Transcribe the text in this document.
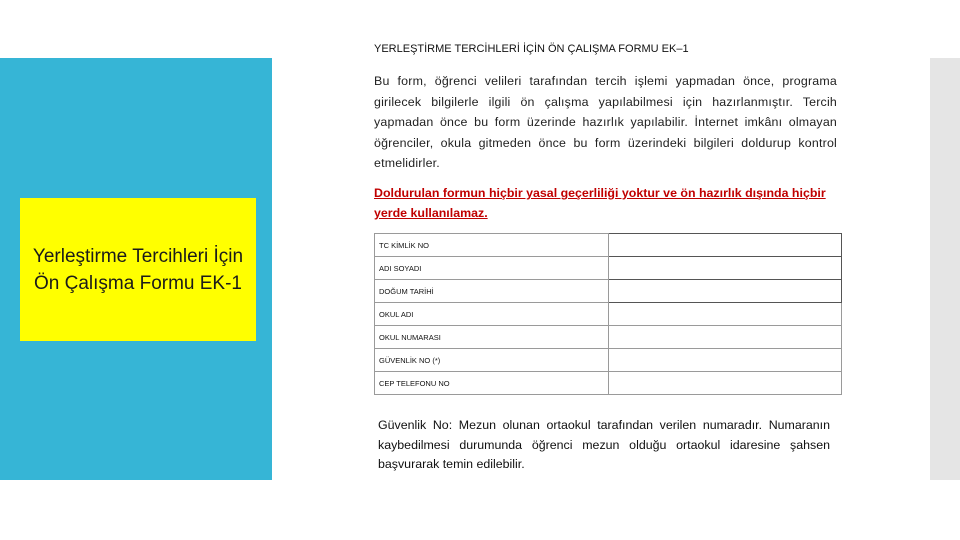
Yerleştirme Tercihleri İçin Ön Çalışma Formu EK-1
YERLEŞTİRME TERCİHLERİ İÇİN ÖN ÇALIŞMA FORMU EK–1
Bu form, öğrenci velileri tarafından tercih işlemi yapmadan önce, programa girilecek bilgilerle ilgili ön çalışma yapılabilmesi için hazırlanmıştır. Tercih yapmadan önce bu form üzerinde hazırlık yapılabilir. İnternet imkânı olmayan öğrenciler, okula gitmeden önce bu form üzerindeki bilgileri doldurup kontrol etmelidirler.
Doldurulan formun hiçbir yasal geçerliliği yoktur ve ön hazırlık dışında hiçbir yerde kullanılamaz.
TC KİMLİK NO	
ADI SOYADI	
DOĞUM TARİHİ	
OKUL ADI	
OKUL NUMARASI	
GÜVENLİK NO (*)	
CEP TELEFONU NO	
Güvenlik No: Mezun olunan ortaokul tarafından verilen numaradır. Numaranın kaybedilmesi durumunda öğrenci mezun olduğu ortaokul idaresine şahsen başvurarak temin edilebilir.
